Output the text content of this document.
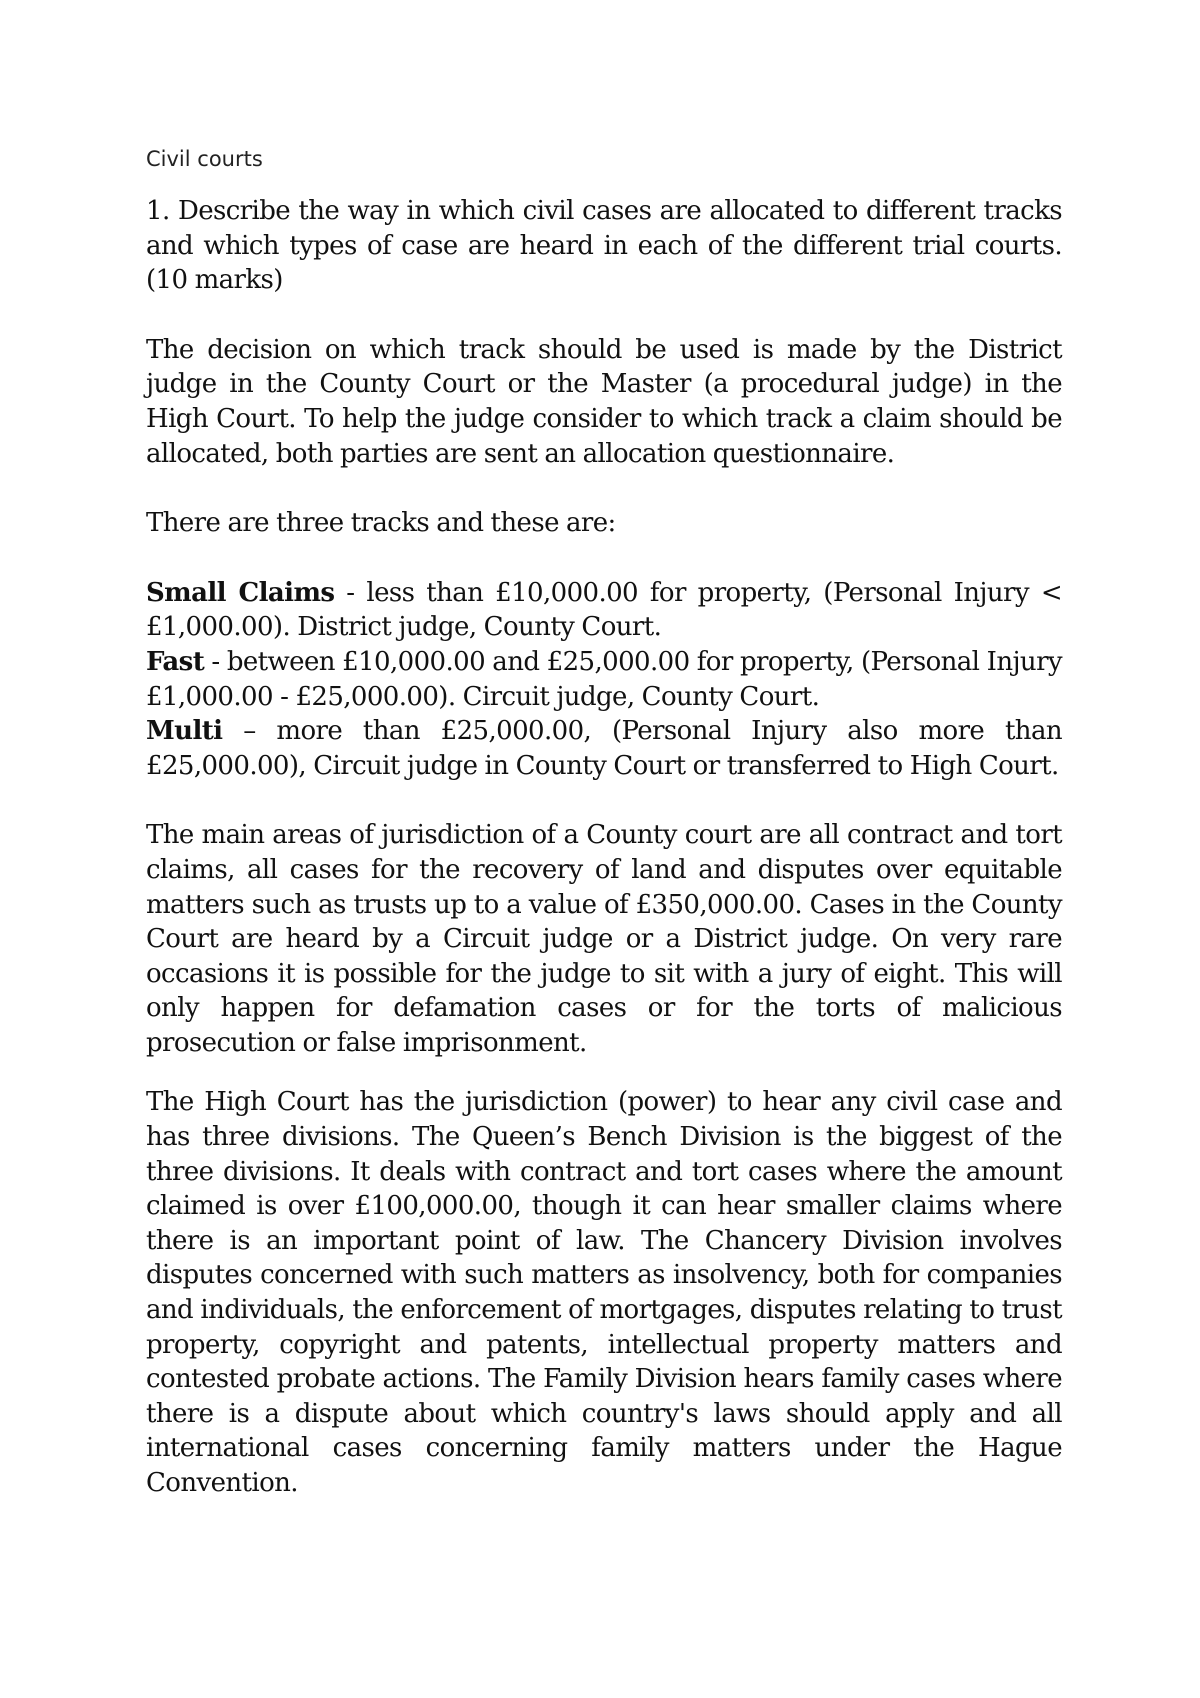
Civil courts

1. Describe the way in which civil cases are allocated to different tracks and which types of case are heard in each of the different trial courts. (10 marks)

The decision on which track should be used is made by the District judge in the County Court or the Master (a procedural judge) in the High Court. To help the judge consider to which track a claim should be allocated, both parties are sent an allocation questionnaire.

There are three tracks and these are:

Small Claims - less than £10,000.00 for property, (Personal Injury < £1,000.00). District judge, County Court.

Fast - between £10,000.00 and £25,000.00 for property, (Personal Injury £1,000.00 - £25,000.00). Circuit judge, County Court.

Multi – more than £25,000.00, (Personal Injury also more than £25,000.00), Circuit judge in County Court or transferred to High Court.

The main areas of jurisdiction of a County court are all contract and tort claims, all cases for the recovery of land and disputes over equitable matters such as trusts up to a value of £350,000.00. Cases in the County Court are heard by a Circuit judge or a District judge. On very rare occasions it is possible for the judge to sit with a jury of eight. This will only happen for defamation cases or for the torts of malicious prosecution or false imprisonment.

The High Court has the jurisdiction (power) to hear any civil case and has three divisions. The Queen’s Bench Division is the biggest of the three divisions. It deals with contract and tort cases where the amount claimed is over £100,000.00, though it can hear smaller claims where there is an important point of law. The Chancery Division involves disputes concerned with such matters as insolvency, both for companies and individuals, the enforcement of mortgages, disputes relating to trust property, copyright and patents, intellectual property matters and contested probate actions. The Family Division hears family cases where there is a dispute about which country's laws should apply and all international cases concerning family matters under the Hague Convention.
